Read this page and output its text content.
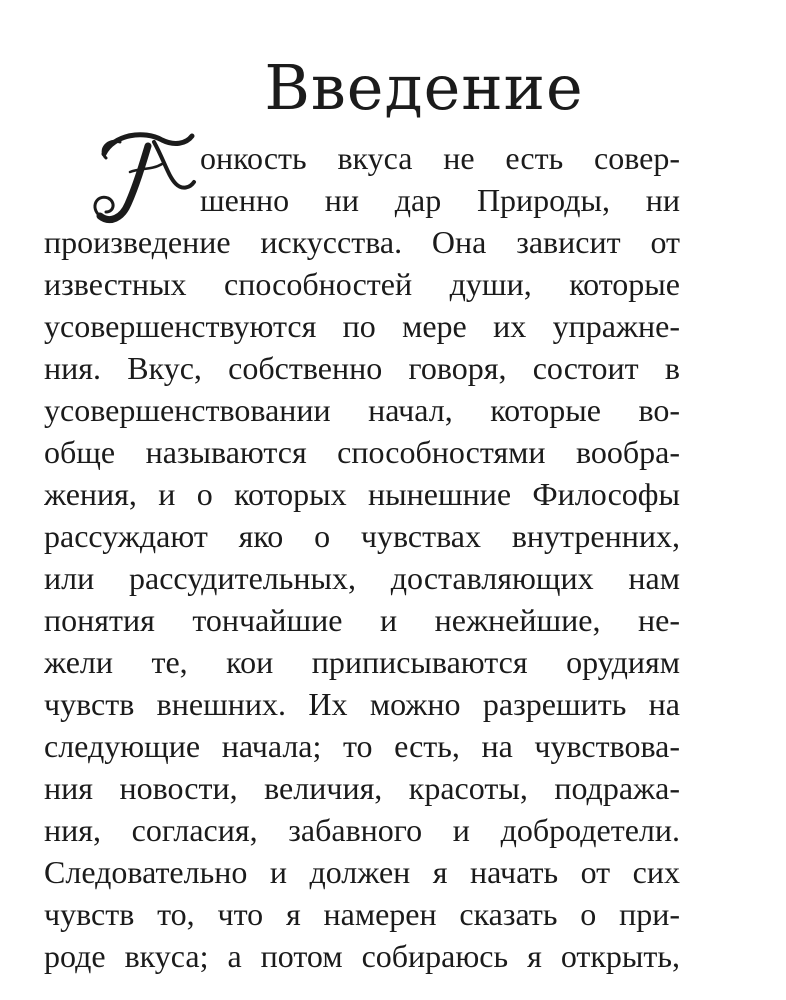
Введение
онкость вкуса не есть совер-
шенно ни дар Природы, ни
произведение искусства. Она зависит от
известных способностей души, которые
усовершенствуются по мере их упражне-
ния. Вкус, собственно говоря, состоит в
усовершенствовании начал, которые во-
обще называются способностями вообра-
жения, и о которых нынешние Философы
рассуждают яко о чувствах внутренних,
или рассудительных, доставляющих нам
понятия тончайшие и нежнейшие, не-
жели те, кои приписываются орудиям
чувств внешних. Их можно разрешить на
следующие начала; то есть, на чувствова-
ния новости, величия, красоты, подража-
ния, согласия, забавного и добродетели.
Следовательно и должен я начать от сих
чувств то, что я намерен сказать о при-
роде вкуса; а потом собираюсь я открыть,
